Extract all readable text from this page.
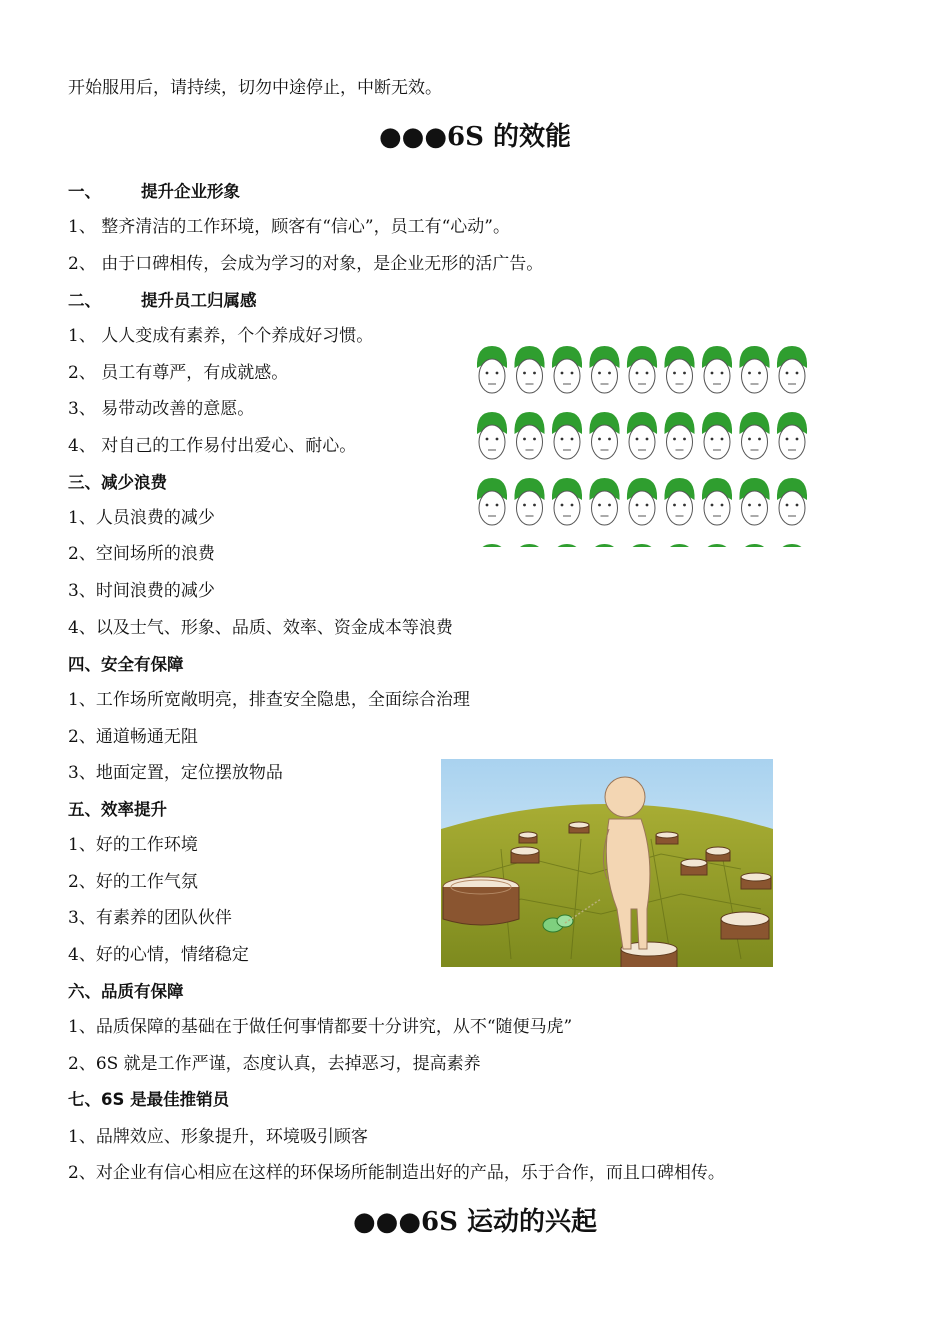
开始服用后，请持续，切勿中途停止，中断无效。
●●●6S 的效能
一、 提升企业形象
1、 整齐清洁的工作环境，顾客有“信心”，员工有“心动”。
2、 由于口碑相传，会成为学习的对象，是企业无形的活广告。
二、 提升员工归属感
1、 人人变成有素养，个个养成好习惯。
2、 员工有尊严，有成就感。
3、 易带动改善的意愿。
4、 对自己的工作易付出爱心、耐心。
三、减少浪费
1、人员浪费的减少
2、空间场所的浪费
3、时间浪费的减少
4、以及士气、形象、品质、效率、资金成本等浪费
四、安全有保障
1、工作场所宽敞明亮，排查安全隐患，全面综合治理
2、通道畅通无阻
3、地面定置，定位摆放物品
五、效率提升
1、好的工作环境
2、好的工作气氛
3、有素养的团队伙伴
4、好的心情，情绪稳定
六、品质有保障
1、品质保障的基础在于做任何事情都要十分讲究，从不“随便马虎”
2、6S 就是工作严谨，态度认真，去掉恶习，提高素养
七、6S 是最佳推销员
1、品牌效应、形象提升，环境吸引顾客
2、对企业有信心相应在这样的环保场所能制造出好的产品，乐于合作，而且口碑相传。
●●●6S 运动的兴起
